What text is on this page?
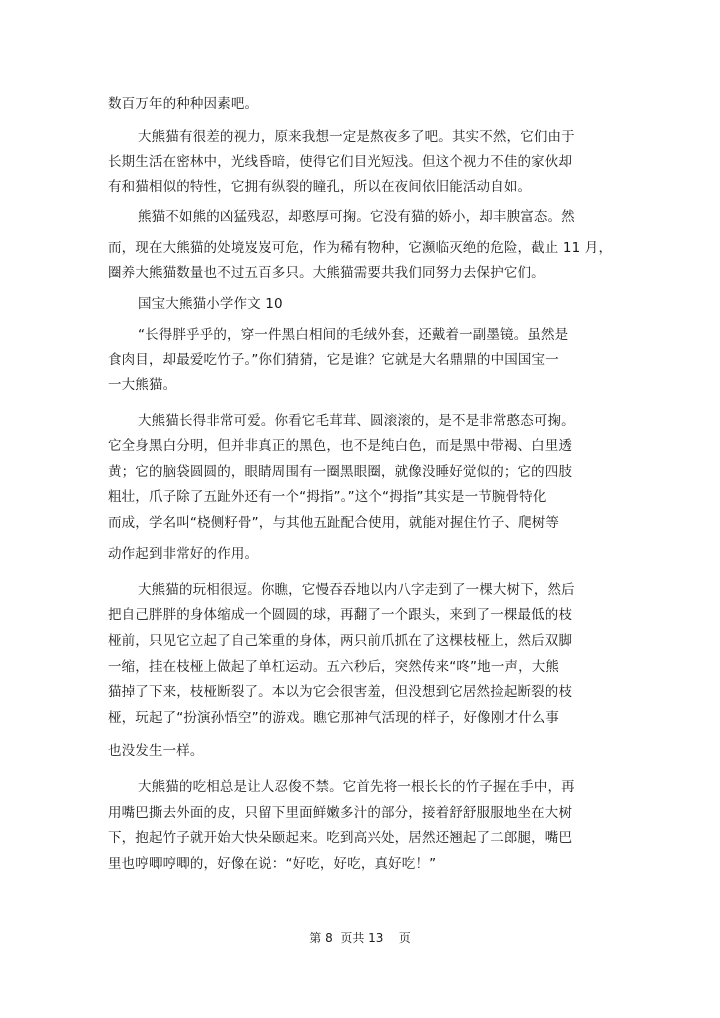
数百万年的种种因素吧。

大熊猫有很差的视力，原来我想一定是熬夜多了吧。其实不然，它们由于

长期生活在密林中，光线昏暗，使得它们目光短浅。但这个视力不佳的家伙却

有和猫相似的特性，它拥有纵裂的瞳孔，所以在夜间依旧能活动自如。

熊猫不如熊的凶猛残忍，却憨厚可掬。它没有猫的娇小，却丰腴富态。然

而，现在大熊猫的处境岌岌可危，作为稀有物种，它濒临灭绝的危险，截止 11 月，

圈养大熊猫数量也不过五百多只。大熊猫需要共我们同努力去保护它们。

国宝大熊猫小学作文 10

“长得胖乎乎的，穿一件黑白相间的毛绒外套，还戴着一副墨镜。虽然是

食肉目，却最爱吃竹子。”你们猜猜，它是谁？它就是大名鼎鼎的中国国宝一

一大熊猫。

大熊猫长得非常可爱。你看它毛茸茸、圆滚滚的，是不是非常憨态可掬。

它全身黑白分明，但并非真正的黑色，也不是纯白色，而是黑中带褐、白里透

黄；它的脑袋圆圆的，眼睛周围有一圈黑眼圈，就像没睡好觉似的；它的四肢

粗壮，爪子除了五趾外还有一个“拇指”。”这个“拇指”其实是一节腕骨特化

而成，学名叫“桡侧籽骨”，与其他五趾配合使用，就能对握住竹子、爬树等

动作起到非常好的作用。

大熊猫的玩相很逗。你瞧，它慢吞吞地以内八字走到了一棵大树下，然后

把自己胖胖的身体缩成一个圆圆的球，再翻了一个跟头，来到了一棵最低的枝

桠前，只见它立起了自己笨重的身体，两只前爪抓在了这棵枝桠上，然后双脚

一缩，挂在枝桠上做起了单杠运动。五六秒后，突然传来“咚”地一声，大熊

猫掉了下来，枝桠断裂了。本以为它会很害羞，但没想到它居然捡起断裂的枝

桠，玩起了“扮演孙悟空”的游戏。瞧它那神气活现的样子，好像刚才什么事

也没发生一样。

大熊猫的吃相总是让人忍俊不禁。它首先将一根长长的竹子握在手中，再

用嘴巴撕去外面的皮，只留下里面鲜嫩多汁的部分，接着舒舒服服地坐在大树

下，抱起竹子就开始大快朵颐起来。吃到高兴处，居然还翘起了二郎腿，嘴巴

里也哼唧哼唧的，好像在说：“好吃，好吃，真好吃！”

第 8  页共 13    页
